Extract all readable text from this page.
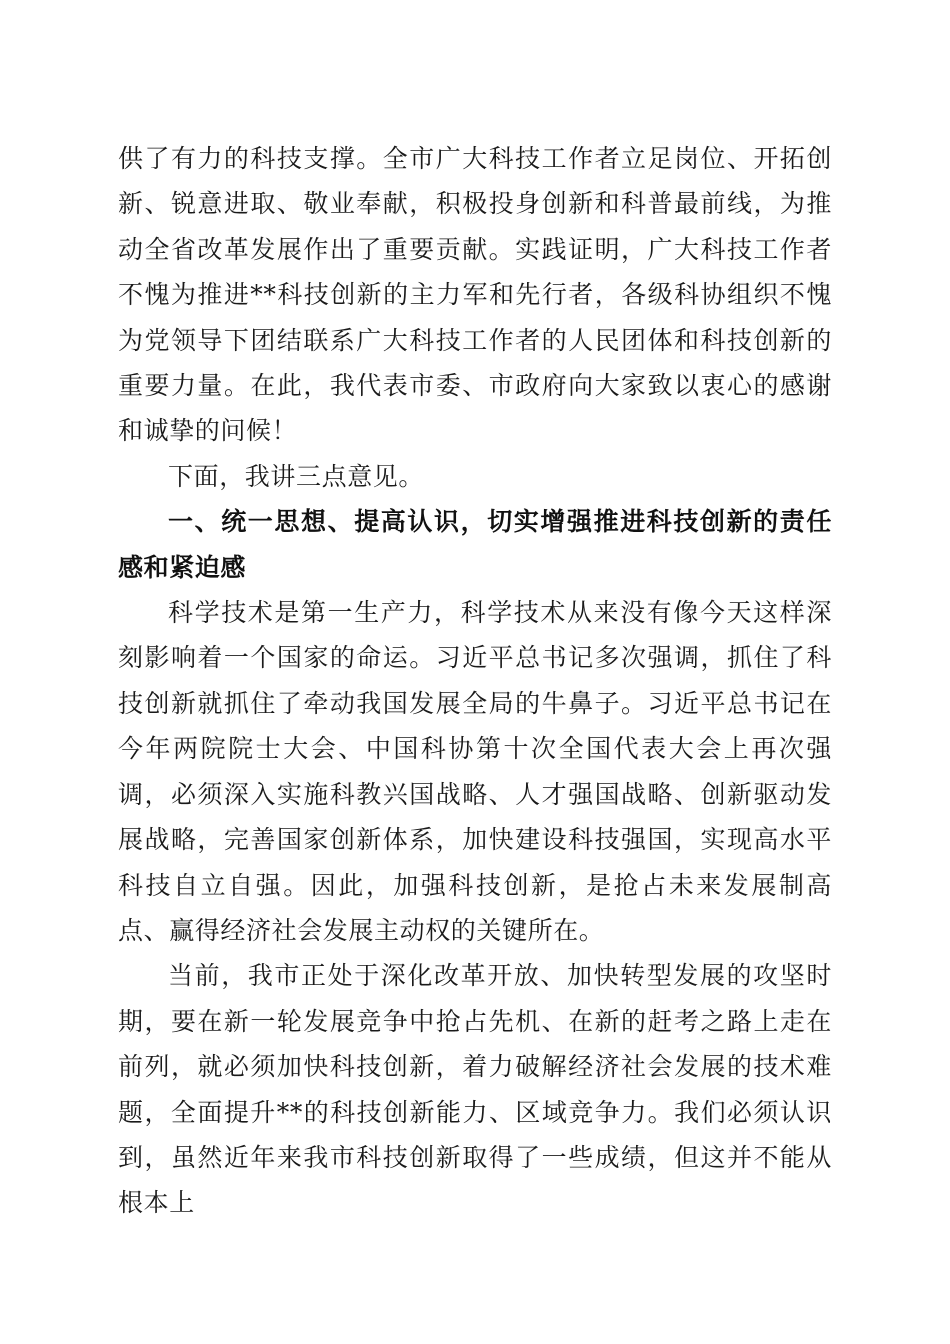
供了有力的科技支撑。全市广大科技工作者立足岗位、开拓创新、锐意进取、敬业奉献，积极投身创新和科普最前线，为推动全省改革发展作出了重要贡献。实践证明，广大科技工作者不愧为推进**科技创新的主力军和先行者，各级科协组织不愧为党领导下团结联系广大科技工作者的人民团体和科技创新的重要力量。在此，我代表市委、市政府向大家致以衷心的感谢和诚挚的问候！

下面，我讲三点意见。

一、统一思想、提高认识，切实增强推进科技创新的责任感和紧迫感

科学技术是第一生产力，科学技术从来没有像今天这样深刻影响着一个国家的命运。习近平总书记多次强调，抓住了科技创新就抓住了牵动我国发展全局的牛鼻子。习近平总书记在今年两院院士大会、中国科协第十次全国代表大会上再次强调，必须深入实施科教兴国战略、人才强国战略、创新驱动发展战略，完善国家创新体系，加快建设科技强国，实现高水平科技自立自强。因此，加强科技创新，是抢占未来发展制高点、赢得经济社会发展主动权的关键所在。

当前，我市正处于深化改革开放、加快转型发展的攻坚时期，要在新一轮发展竞争中抢占先机、在新的赶考之路上走在前列，就必须加快科技创新，着力破解经济社会发展的技术难题，全面提升**的科技创新能力、区域竞争力。我们必须认识到，虽然近年来我市科技创新取得了一些成绩，但这并不能从根本上
